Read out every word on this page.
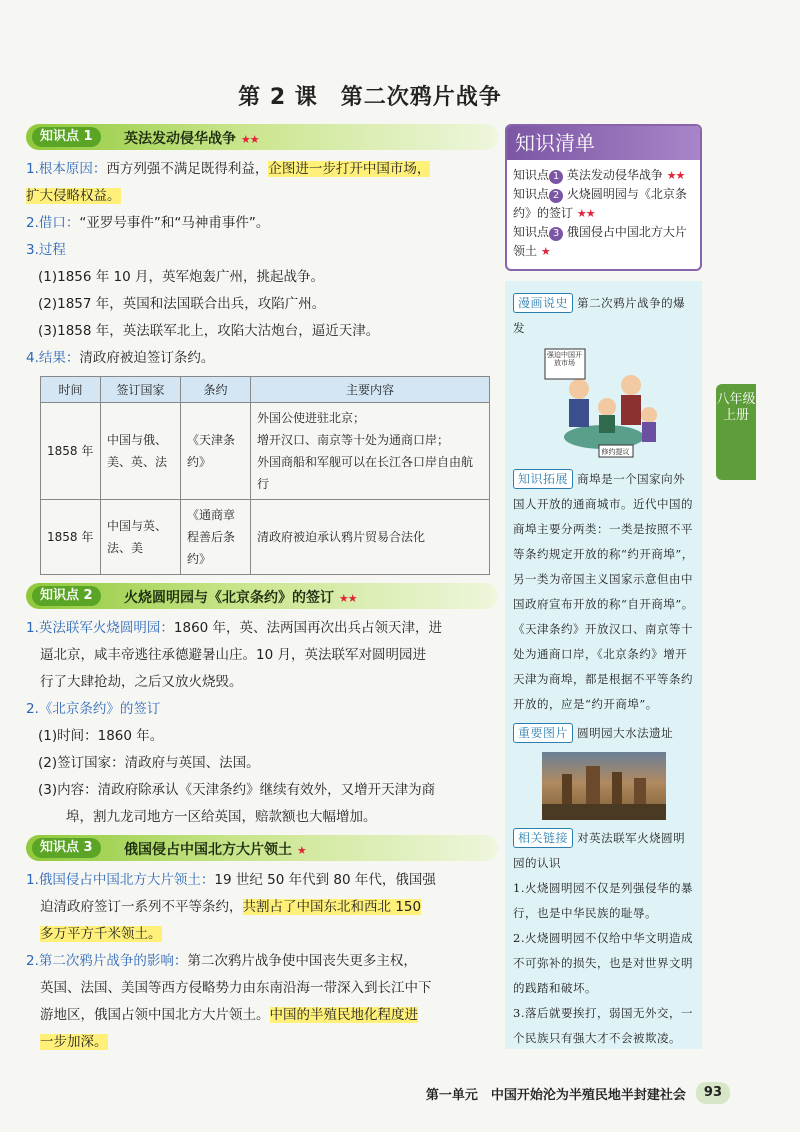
第 2 课　第二次鸦片战争
知识点 1	英法发动侵华战争 ★★
1.根本原因：西方列强不满足既得利益，企图进一步打开中国市场，
扩大侵略权益。
2.借口：“亚罗号事件”和“马神甫事件”。
3.过程
(1)1856 年 10 月，英军炮轰广州，挑起战争。
(2)1857 年，英国和法国联合出兵，攻陷广州。
(3)1858 年，英法联军北上，攻陷大沽炮台，逼近天津。
4.结果：清政府被迫签订条约。
时间	签订国家	条约	主要内容
1858 年	中国与俄、美、英、法	《天津条约》	外国公使进驻北京；
增开汉口、南京等十处为通商口岸；
外国商船和军舰可以在长江各口岸自由航行

1858 年	中国与英、法、美	《通商章程善后条约》	清政府被迫承认鸦片贸易合法化
知识点 2	火烧圆明园与《北京条约》的签订 ★★
1.英法联军火烧圆明园：1860 年，英、法两国再次出兵占领天津，进
逼北京，咸丰帝逃往承德避暑山庄。10 月，英法联军对圆明园进
行了大肆抢劫，之后又放火烧毁。
2.《北京条约》的签订
(1)时间：1860 年。
(2)签订国家：清政府与英国、法国。
(3)内容：清政府除承认《天津条约》继续有效外，又增开天津为商
埠，割九龙司地方一区给英国，赔款额也大幅增加。
知识点 3	俄国侵占中国北方大片领土 ★
1.俄国侵占中国北方大片领土：19 世纪 50 年代到 80 年代，俄国强
迫清政府签订一系列不平等条约，共割占了中国东北和西北 150
多万平方千米领土。
2.第二次鸦片战争的影响：第二次鸦片战争使中国丧失更多主权，
英国、法国、美国等西方侵略势力由东南沿海一带深入到长江中下
游地区，俄国占领中国北方大片领土。中国的半殖民地化程度进
一步加深。
知识清单
知识点 1 英法发动侵华战争 ★★
知识点 2 火烧圆明园与《北京条约》的签订 ★★
知识点 3 俄国侵占中国北方大片领土 ★
漫画说史 第二次鸦片战争的爆发
强迫中国开放市场
修约提议
知识拓展 商埠是一个国家向外国人开放的通商城市。近代中国的商埠主要分两类：一类是按照不平等条约规定开放的称“约开商埠”，另一类为帝国主义国家示意但由中国政府宣布开放的称“自开商埠”。《天津条约》开放汉口、南京等十处为通商口岸，《北京条约》增开天津为商埠，都是根据不平等条约开放的，应是“约开商埠”。
重要图片 圆明园大水法遗址
相关链接 对英法联军火烧圆明园的认识
1.火烧圆明园不仅是列强侵华的暴行，也是中华民族的耻辱。
2.火烧圆明园不仅给中华文明造成不可弥补的损失，也是对世界文明的践踏和破坏。
3.落后就要挨打，弱国无外交，一个民族只有强大才不会被欺凌。
八年级上册
第一单元　中国开始沦为半殖民地半封建社会	93
